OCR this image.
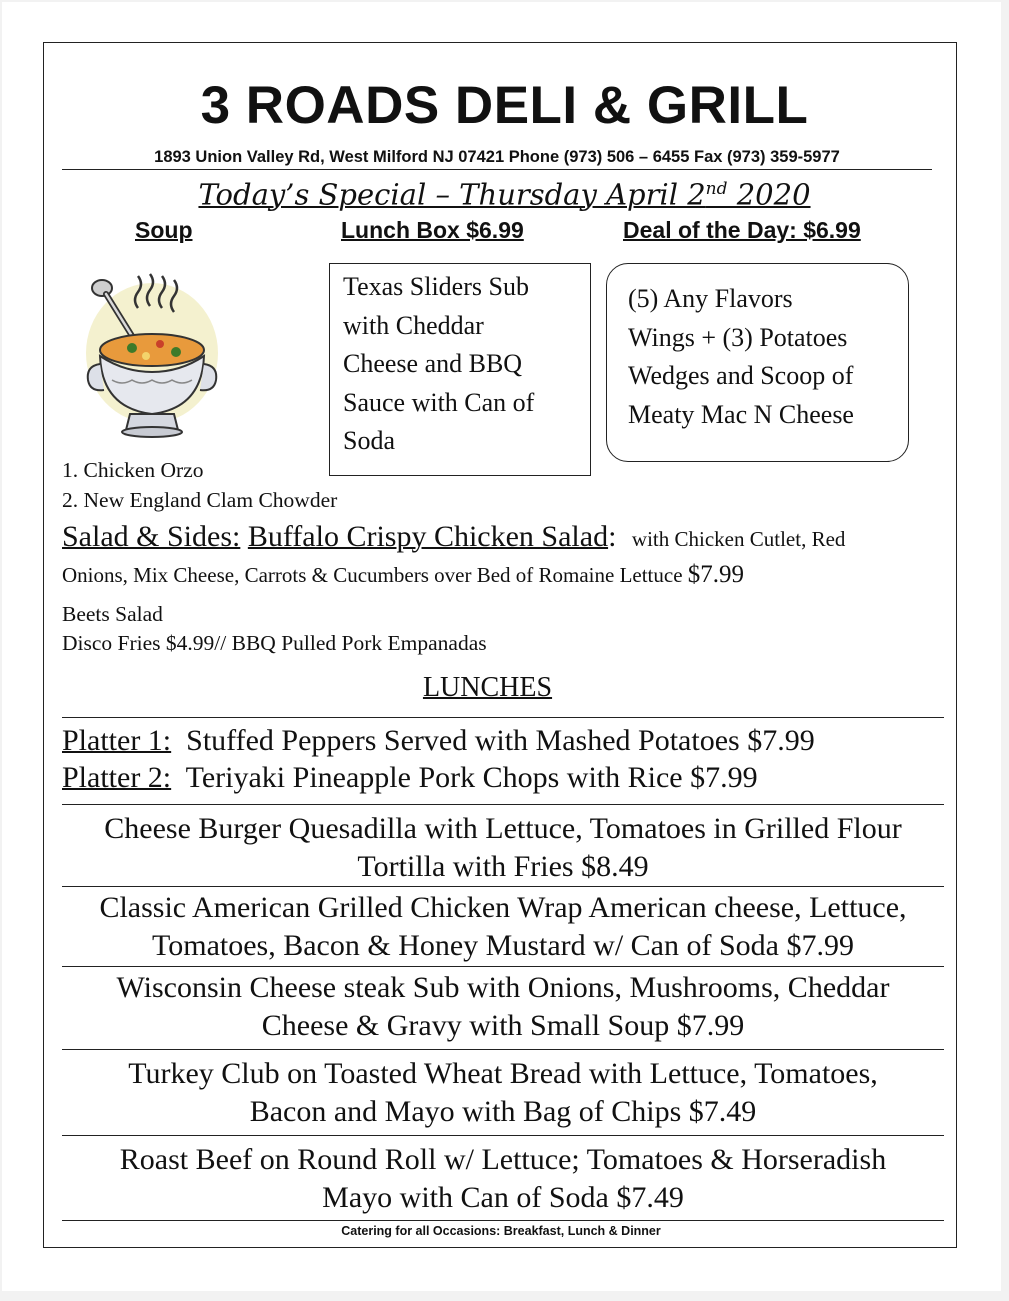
3 ROADS DELI & GRILL
1893 Union Valley Rd, West Milford NJ 07421 Phone (973) 506 – 6455 Fax (973) 359-5977
Today’s Special – Thursday April 2nd 2020
Soup	Lunch Box $6.99	Deal of the Day: $6.99
Texas Sliders Sub
with Cheddar
Cheese and BBQ
Sauce with Can of
Soda
(5) Any Flavors
Wings + (3) Potatoes
Wedges and Scoop of
Meaty Mac N Cheese
1. Chicken Orzo
2. New England Clam Chowder
Salad & Sides: Buffalo Crispy Chicken Salad: with Chicken Cutlet, Red
Onions, Mix Cheese, Carrots & Cucumbers over Bed of Romaine Lettuce $7.99
Beets Salad
Disco Fries $4.99// BBQ Pulled Pork Empanadas
LUNCHES
Platter 1: Stuffed Peppers Served with Mashed Potatoes $7.99
Platter 2: Teriyaki Pineapple Pork Chops with Rice $7.99
Cheese Burger Quesadilla with Lettuce, Tomatoes in Grilled Flour
Tortilla with Fries $8.49
Classic American Grilled Chicken Wrap American cheese, Lettuce,
Tomatoes, Bacon & Honey Mustard w/ Can of Soda $7.99
Wisconsin Cheese steak Sub with Onions, Mushrooms, Cheddar
Cheese & Gravy with Small Soup $7.99
Turkey Club on Toasted Wheat Bread with Lettuce, Tomatoes,
Bacon and Mayo with Bag of Chips $7.49
Roast Beef on Round Roll w/ Lettuce; Tomatoes & Horseradish
Mayo with Can of Soda $7.49
Catering for all Occasions: Breakfast, Lunch & Dinner
